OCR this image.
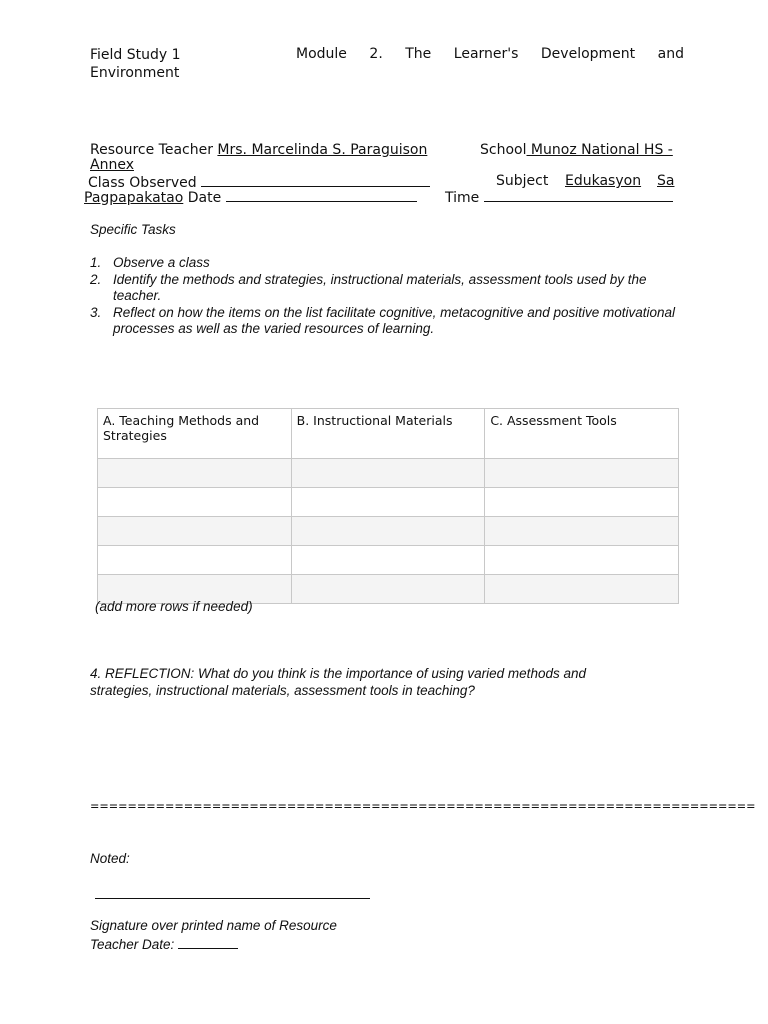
Field Study 1
Environment
Module 2. The Learner's Development and
Resource Teacher Mrs. Marcelinda S. Paraguison	School Munoz National HS -
Annex
Class Observed	Subject Edukasyon Sa
Pagpapakatao Date	Time
Specific Tasks
1. Observe a class
2. Identify the methods and strategies, instructional materials, assessment tools used by the teacher.
3. Reflect on how the items on the list facilitate cognitive, metacognitive and positive motivational processes as well as the varied resources of learning.
A. Teaching Methods and Strategies	B. Instructional Materials	C. Assessment Tools

(add more rows if needed)
4. REFLECTION: What do you think is the importance of using varied methods and strategies, instructional materials, assessment tools in teaching?
=======================================================================
Noted:
Signature over printed name of Resource Teacher Date:
